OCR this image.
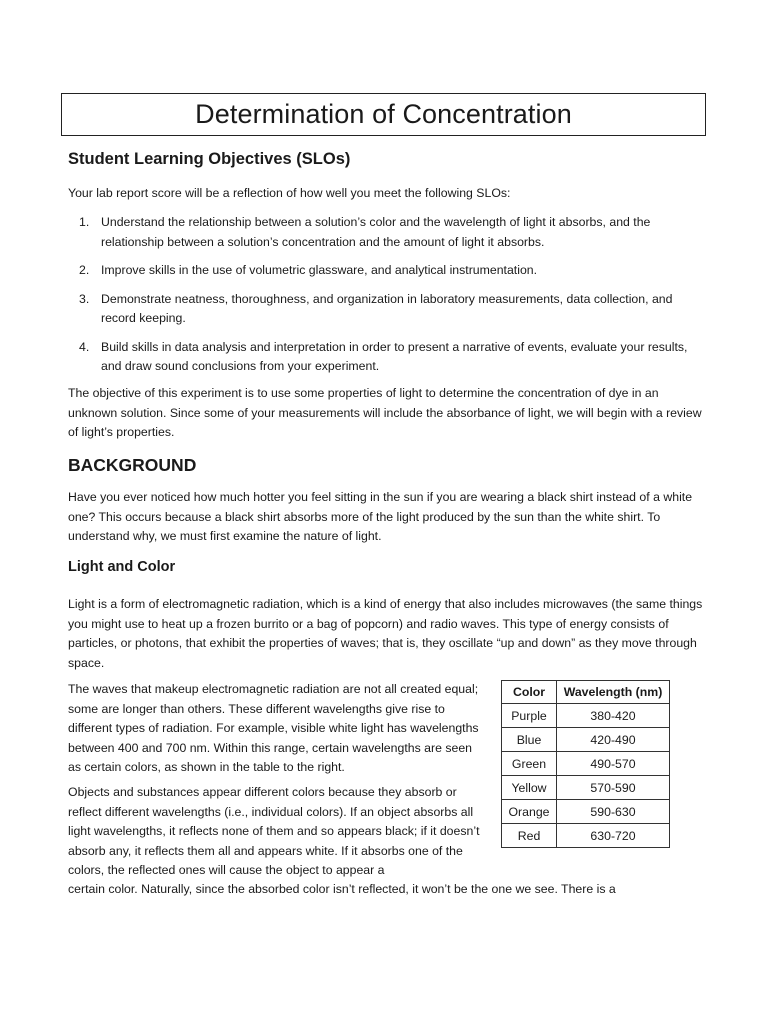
Determination of Concentration
Student Learning Objectives (SLOs)

Your lab report score will be a reflection of how well you meet the following SLOs:

1. Understand the relationship between a solution’s color and the wavelength of light it absorbs, and the relationship between a solution’s concentration and the amount of light it absorbs.
2. Improve skills in the use of volumetric glassware, and analytical instrumentation.
3. Demonstrate neatness, thoroughness, and organization in laboratory measurements, data collection, and record keeping.
4. Build skills in data analysis and interpretation in order to present a narrative of events, evaluate your results, and draw sound conclusions from your experiment.

The objective of this experiment is to use some properties of light to determine the concentration of dye in an unknown solution. Since some of your measurements will include the absorbance of light, we will begin with a review of light’s properties.

BACKGROUND

Have you ever noticed how much hotter you feel sitting in the sun if you are wearing a black shirt instead of a white one? This occurs because a black shirt absorbs more of the light produced by the sun than the white shirt. To understand why, we must first examine the nature of light.

Light and Color

Light is a form of electromagnetic radiation, which is a kind of energy that also includes microwaves (the same things you might use to heat up a frozen burrito or a bag of popcorn) and radio waves. This type of energy consists of particles, or photons, that exhibit the properties of waves; that is, they oscillate “up and down” as they move through space.

The waves that makeup electromagnetic radiation are not all created equal; some are longer than others. These different wavelengths give rise to different types of radiation. For example, visible white light has wavelengths between 400 and 700 nm. Within this range, certain wavelengths are seen as certain colors, as shown in the table to the right.

Objects and substances appear different colors because they absorb or reflect different wavelengths (i.e., individual colors). If an object absorbs all light wavelengths, it reflects none of them and so appears black; if it doesn’t absorb any, it reflects them all and appears white. If it absorbs one of the colors, the reflected ones will cause the object to appear a

certain color. Naturally, since the absorbed color isn’t reflected, it won’t be the one we see. There is a

Color	Wavelength (nm)
Purple	380-420
Blue	420-490
Green	490-570
Yellow	570-590
Orange	590-630
Red	630-720
